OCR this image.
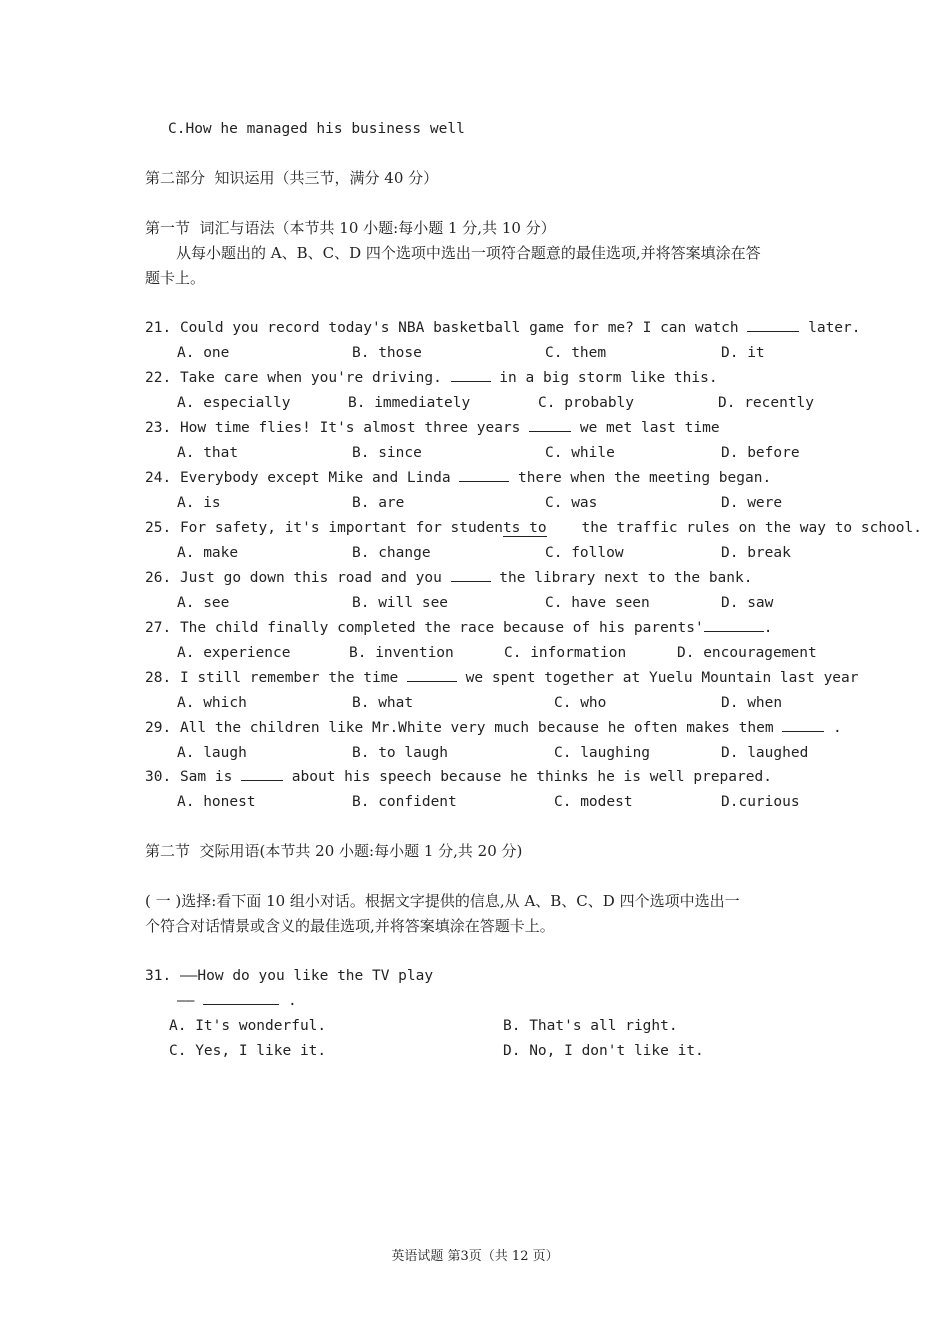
C.How he managed his business well
第二部分  知识运用（共三节，满分 40 分）
第一节  词汇与语法（本节共 10 小题:每小题 1 分,共 10 分）
从每小题出的 A、B、C、D 四个选项中选出一项符合题意的最佳选项,并将答案填涂在答
题卡上。
21. Could you record today's NBA basketball game for me? I can watch	later.
A. one	B. those	C. them	D. it
22. Take care when you're driving.	in a big storm like this.
A. especially	B. immediately	C. probably	D. recently
23. How time flies! It's almost three years	we met last time
A. that	B. since	C. while	D. before
24. Everybody except Mike and Linda	there when the meeting began.
A. is	B. are	C. was	D. were
25. For safety, it's important for students to    the traffic rules on the way to school.
A. make	B. change	C. follow	D. break
26. Just go down this road and you	the library next to the bank.
A. see	B. will see	C. have seen	D. saw
27. The child finally completed the race because of his parents'	.
A. experience	B. invention	C. information	D. encouragement
28. I still remember the time	we spent together at Yuelu Mountain last year
A. which	B. what	C. who	D. when
29. All the children like Mr.White very much because he often makes them	.
A. laugh	B. to laugh	C. laughing	D. laughed
30. Sam is	about his speech because he thinks he is well prepared.
A. honest	B. confident	C. modest	D.curious
第二节  交际用语(本节共 20 小题:每小题 1 分,共 20 分)
( 一 )选择:看下面 10 组小对话。根据文字提供的信息,从 A、B、C、D 四个选项中选出一
个符合对话情景或含义的最佳选项,并将答案填涂在答题卡上。
31. ——How do you like the TV play
——	.
A. It's wonderful.	B. That's all right.
C. Yes, I like it.	D. No, I don't like it.
英语试题 第3页（共 12 页）
